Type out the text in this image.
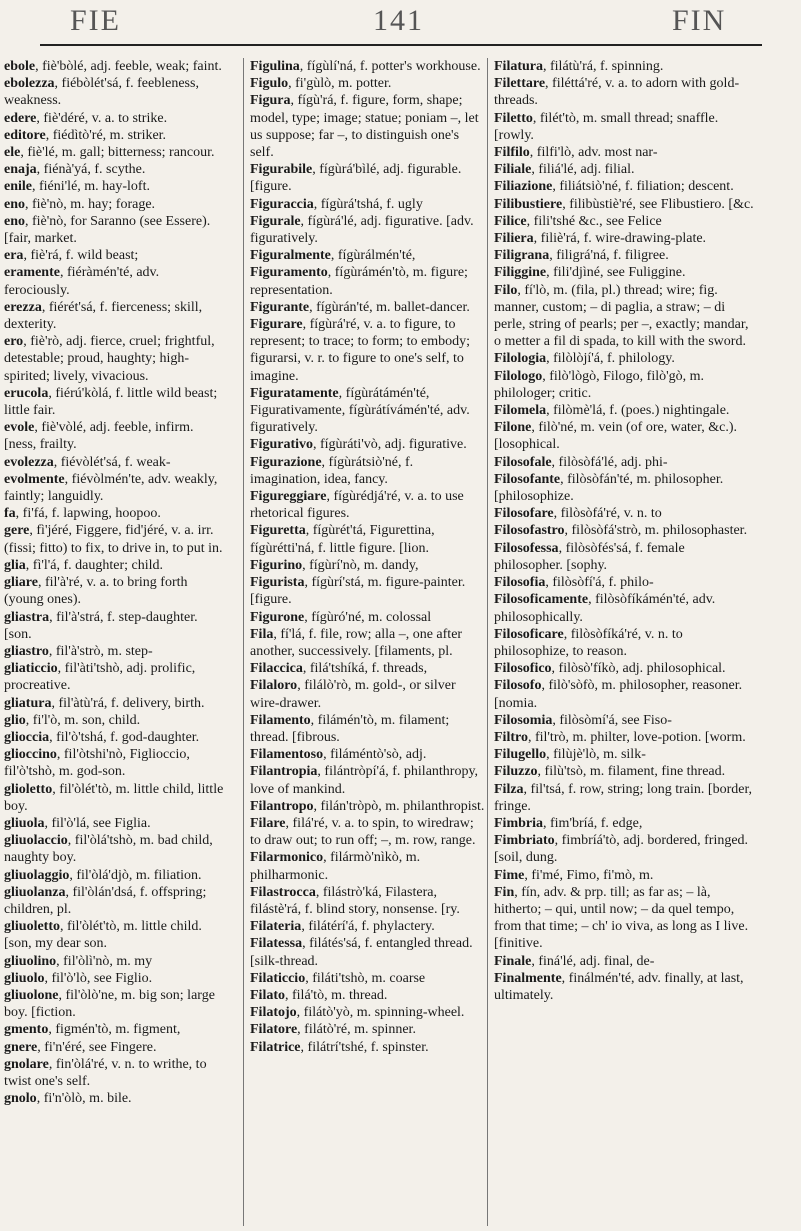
FIE	141	FIN
ebole, fiè'bòlé, adj. feeble, weak; faint.
ebolezza, fiébòlét'sá, f. feebleness, weakness.
edere, fiè'déré, v. a. to strike.
editore, fiédìtò'ré, m. striker.
ele, fiè'lé, m. gall; bitterness; rancour.
enaja, fiénà'yá, f. scythe.
enile, fiéni'lé, m. hay-loft.
eno, fiè'nò, m. hay; forage.
eno, fiè'nò, for Saranno (see Essere). [fair, market.
era, fiè'rá, f. wild beast;
eramente, fiéràmén'té, adv. ferociously.
erezza, fiérét'sá, f. fierceness; skill, dexterity.
ero, fiè'rò, adj. fierce, cruel; frightful, detestable; proud, haughty; high-spirited; lively, vivacious.
erucola, fiérú'kòlá, f. little wild beast; little fair.
evole, fiè'vòlé, adj. feeble, infirm. [ness, frailty.
evolezza, fiévòlét'sá, f. weak-
evolmente, fiévòlmén'te, adv. weakly, faintly; languidly.
fa, fi'fá, f. lapwing, hoopoo.
gere, fì'jéré, Figgere, fid'jéré, v. a. irr. (fissi; fitto) to fix, to drive in, to put in.
glia, fì'l'á, f. daughter; child.
gliare, fil'à'ré, v. a. to bring forth (young ones).
gliastra, fil'à'strá, f. step-daughter. [son.
gliastro, fil'à'strò, m. step-
gliaticcio, fil'àti'tshò, adj. prolific, procreative.
gliatura, fil'àtù'rá, f. delivery, birth.
glio, fi'l'ò, m. son, child.
glioccia, fil'ò'tshá, f. god-daughter.
glioccino, fil'òtshi'nò, Figlioccio, fil'ò'tshò, m. god-son.
glioletto, fil'òlét'tò, m. little child, little boy.
gliuola, fil'ò'lá, see Figlia.
gliuolaccio, fil'òlá'tshò, m. bad child, naughty boy.
gliuolaggio, fil'òlá'djò, m. filiation.
gliuolanza, fil'òlán'dsá, f. offspring; children, pl.
gliuoletto, fil'òlét'tò, m. little child. [son, my dear son.
gliuolino, fil'òlì'nò, m. my
gliuolo, fil'ò'lò, see Figlio.
gliuolone, fil'òlò'ne, m. big son; large boy. [fiction.
gmento, figmén'tò, m. figment,
gnere, fi'n'éré, see Fingere.
gnolare, fin'òlá'ré, v. n. to writhe, to twist one's self.
gnolo, fi'n'òlò, m. bile.
Figulina, fígùlí'ná, f. potter's workhouse.
Figulo, fi'gùlò, m. potter.
Figura, fígù'rá, f. figure, form, shape; model, type; image; statue; poniam –, let us suppose; far –, to distinguish one's self.
Figurabile, fígùrá'bìlé, adj. figurable. [figure.
Figuraccia, fígùrá'tshá, f. ugly
Figurale, fígùrá'lé, adj. figurative. [adv. figuratively.
Figuralmente, fígùrálmén'té,
Figuramento, fígùrámén'tò, m. figure; representation.
Figurante, fígùrán'té, m. ballet-dancer.
Figurare, fígùrá'ré, v. a. to figure, to represent; to trace; to form; to embody; figurarsi, v. r. to figure to one's self, to imagine.
Figuratamente, fígùrátámén'té, Figurativamente, fígùrátívámén'té, adv. figuratively.
Figurativo, fígùráti'vò, adj. figurative.
Figurazione, fígùrátsiò'né, f. imagination, idea, fancy.
Figureggiare, fígùrédjá'ré, v. a. to use rhetorical figures.
Figuretta, fígùrét'tá, Figurettina, fígùrétti'ná, f. little figure. [lion.
Figurino, fígùrí'nò, m. dandy,
Figurista, fígùrí'stá, m. figure-painter. [figure.
Figurone, fígùró'né, m. colossal
Fila, fí'lá, f. file, row; alla –, one after another, successively. [filaments, pl.
Filaccica, filá'tshíká, f. threads,
Filaloro, filálò'rò, m. gold-, or silver wire-drawer.
Filamento, filámén'tò, m. filament; thread. [fibrous.
Filamentoso, filáméntò'sò, adj.
Filantropia, filántròpí'á, f. philanthropy, love of mankind.
Filantropo, filán'tròpò, m. philanthropist.
Filare, filá'ré, v. a. to spin, to wiredraw; to draw out; to run off; –, m. row, range.
Filarmonico, filármò'nìkò, m. philharmonic.
Filastrocca, filástrò'ká, Filastera, filástè'rá, f. blind story, nonsense. [ry.
Filateria, filátérí'á, f. phylactery.
Filatessa, filátés'sá, f. entangled thread. [silk-thread.
Filaticcio, filáti'tshò, m. coarse
Filato, filá'tò, m. thread.
Filatojo, filátò'yò, m. spinning-wheel.
Filatore, filátò'ré, m. spinner.
Filatrice, filátrí'tshé, f. spinster.
Filatura, filátù'rá, f. spinning.
Filettare, filéttá'ré, v. a. to adorn with gold-threads.
Filetto, filét'tò, m. small thread; snaffle. [rowly.
Filfilo, filfi'lò, adv. most nar-
Filiale, filiá'lé, adj. filial.
Filiazione, filiátsiò'né, f. filiation; descent.
Filibustiere, filibùstiè'ré, see Flibustiero. [&c.
Filice, fili'tshé &c., see Felice
Filiera, filiè'rá, f. wire-drawing-plate.
Filigrana, filigrá'ná, f. filigree.
Filiggine, fili'djìné, see Fuliggine.
Filo, fí'lò, m. (fila, pl.) thread; wire; fig. manner, custom; – di paglia, a straw; – di perle, string of pearls; per –, exactly; mandar, o metter a fil di spada, to kill with the sword.
Filologia, filòlòjí'á, f. philology.
Filologo, filò'lògò, Filogo, filò'gò, m. philologer; critic.
Filomela, filòmè'lá, f. (poes.) nightingale.
Filone, filò'né, m. vein (of ore, water, &c.). [losophical.
Filosofale, filòsòfá'lé, adj. phi-
Filosofante, filòsòfán'té, m. philosopher. [philosophize.
Filosofare, filòsòfá'ré, v. n. to
Filosofastro, filòsòfá'strò, m. philosophaster.
Filosofessa, filòsòfés'sá, f. female philosopher. [sophy.
Filosofia, filòsòfí'á, f. philo-
Filosoficamente, filòsòfíkámén'té, adv. philosophically.
Filosoficare, filòsòfíká'ré, v. n. to philosophize, to reason.
Filosofico, filòsò'fíkò, adj. philosophical.
Filosofo, filò'sòfò, m. philosopher, reasoner. [nomia.
Filosomia, filòsòmí'á, see Fiso-
Filtro, fil'trò, m. philter, love-potion. [worm.
Filugello, filùjè'lò, m. silk-
Filuzzo, filù'tsò, m. filament, fine thread.
Filza, fil'tsá, f. row, string; long train. [border, fringe.
Fimbria, fim'bríá, f. edge,
Fimbriato, fimbríá'tò, adj. bordered, fringed. [soil, dung.
Fime, fi'mé, Fimo, fi'mò, m.
Fin, fín, adv. & prp. till; as far as; – là, hitherto; – qui, until now; – da quel tempo, from that time; – ch' io viva, as long as I live. [finitive.
Finale, finá'lé, adj. final, de-
Finalmente, finálmén'té, adv. finally, at last, ultimately.
